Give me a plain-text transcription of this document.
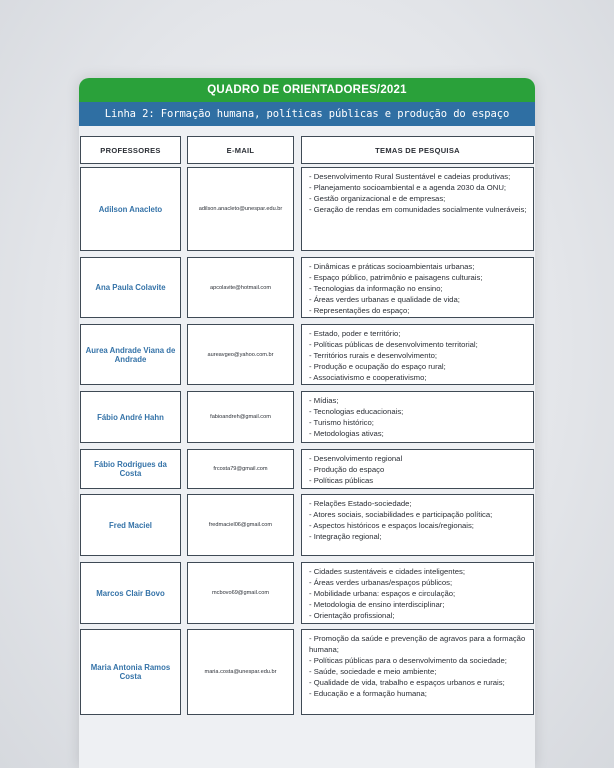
QUADRO DE ORIENTADORES/2021
Linha 2: Formação humana, políticas públicas e produção do espaço
PROFESSORES	E-MAIL	TEMAS DE PESQUISA
Adilson Anacleto	adilson.anacleto@unespar.edu.br
- Desenvolvimento Rural Sustentável e cadeias produtivas;
- Planejamento socioambiental e a agenda 2030 da ONU;
- Gestão organizacional e de empresas;
- Geração de rendas em comunidades socialmente vulneráveis;
Ana Paula Colavite	apcolavite@hotmail.com
- Dinâmicas e práticas socioambientais urbanas;
- Espaço público, patrimônio e paisagens culturais;
- Tecnologias da informação no ensino;
- Áreas verdes urbanas e qualidade de vida;
- Representações do espaço;
Aurea Andrade Viana de Andrade	aureavgeo@yahoo.com.br
- Estado, poder e território;
- Políticas públicas de desenvolvimento territorial;
- Territórios rurais e desenvolvimento;
- Produção e ocupação do espaço rural;
- Associativismo e cooperativismo;
Fábio André Hahn	fabioandreh@gmail.com
- Mídias;
- Tecnologias educacionais;
- Turismo histórico;
- Metodologias ativas;
Fábio Rodrigues da Costa	frcosta79@gmail.com
- Desenvolvimento regional
- Produção do espaço
- Políticas públicas
Fred Maciel	fredmaciel06@gmail.com
- Relações Estado-sociedade;
- Atores sociais, sociabilidades e participação política;
- Aspectos históricos e espaços locais/regionais;
- Integração regional;
Marcos Clair Bovo	mcbovo69@gmail.com
- Cidades sustentáveis e cidades inteligentes;
- Áreas verdes urbanas/espaços públicos;
- Mobilidade urbana: espaços e circulação;
- Metodologia de ensino interdisciplinar;
- Orientação profissional;
Maria Antonia Ramos Costa	maria.costa@unespar.edu.br
- Promoção da saúde e prevenção de agravos para a formação humana;
- Políticas públicas para o desenvolvimento da sociedade;
- Saúde, sociedade e meio ambiente;
- Qualidade de vida, trabalho e espaços urbanos e rurais;
- Educação e a formação humana;
